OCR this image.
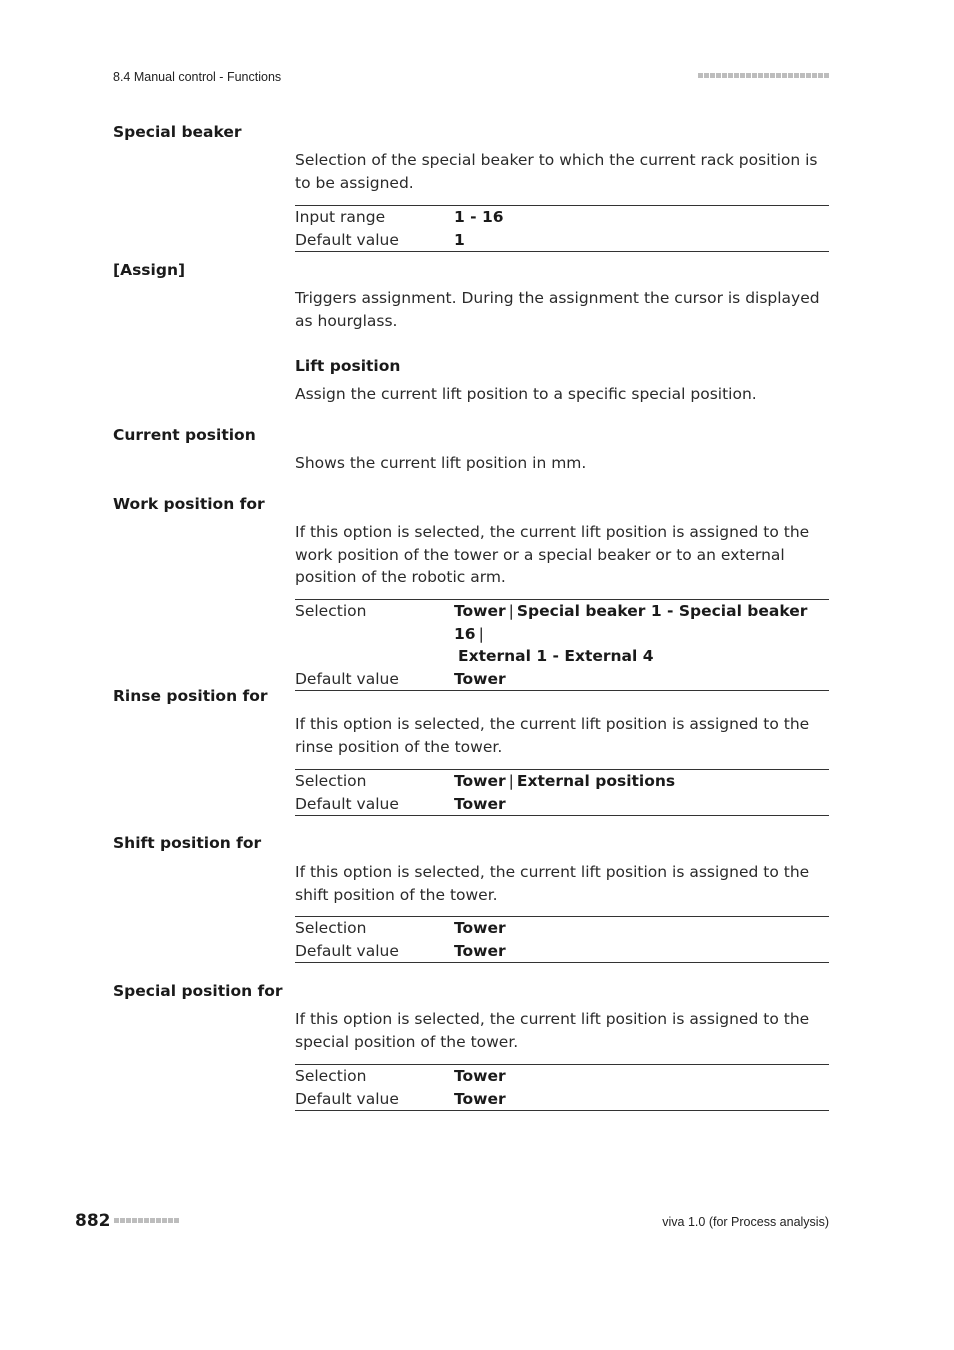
8.4 Manual control - Functions
Special beaker
Selection of the special beaker to which the current rack position is to be assigned.
Input range	1 - 16
Default value	1
[Assign]
Triggers assignment. During the assignment the cursor is displayed as hourglass.
Lift position
Assign the current lift position to a specific special position.
Current position
Shows the current lift position in mm.
Work position for
If this option is selected, the current lift position is assigned to the work position of the tower or a special beaker or to an external position of the robotic arm.
Selection	Tower | Special beaker 1 - Special beaker 16 |
External 1 - External 4
Default value	Tower
Rinse position for
If this option is selected, the current lift position is assigned to the rinse position of the tower.
Selection	Tower | External positions
Default value	Tower
Shift position for
If this option is selected, the current lift position is assigned to the shift position of the tower.
Selection	Tower
Default value	Tower
Special position for
If this option is selected, the current lift position is assigned to the special position of the tower.
Selection	Tower
Default value	Tower
882	viva 1.0 (for Process analysis)
